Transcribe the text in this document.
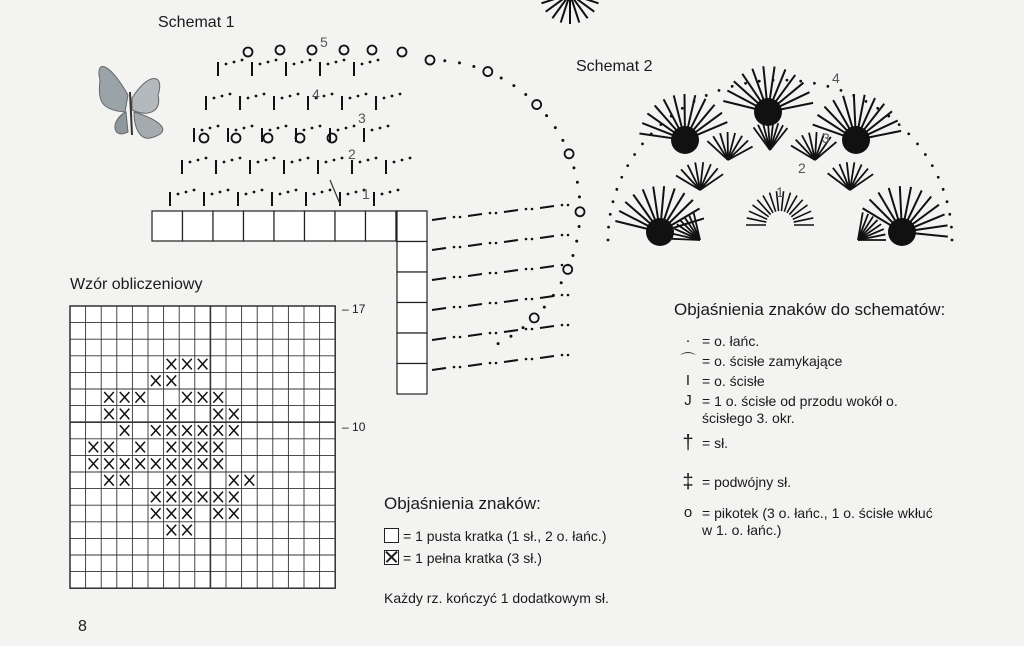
Schemat 1
Schemat 2
Wzór obliczeniowy
– 17
– 10
5
4
3
2
1	1
2
3
4
Objaśnienia znaków do schematów:
· = o. łańc.
⌒ = o. ścisłe zamykające
I = o. ścisłe
J = 1 o. ścisłe od przodu wokół o.
ścisłego 3. okr.
† = sł.
‡ = podwójny sł.
o = pikotek (3 o. łańc., 1 o. ścisłe wkłuć
w 1. o. łańc.)
Objaśnienia znaków:
= 1 pusta kratka (1 sł., 2 o. łańc.)
= 1 pełna kratka (3 sł.)
Każdy rz. kończyć 1 dodatkowym sł.
8
